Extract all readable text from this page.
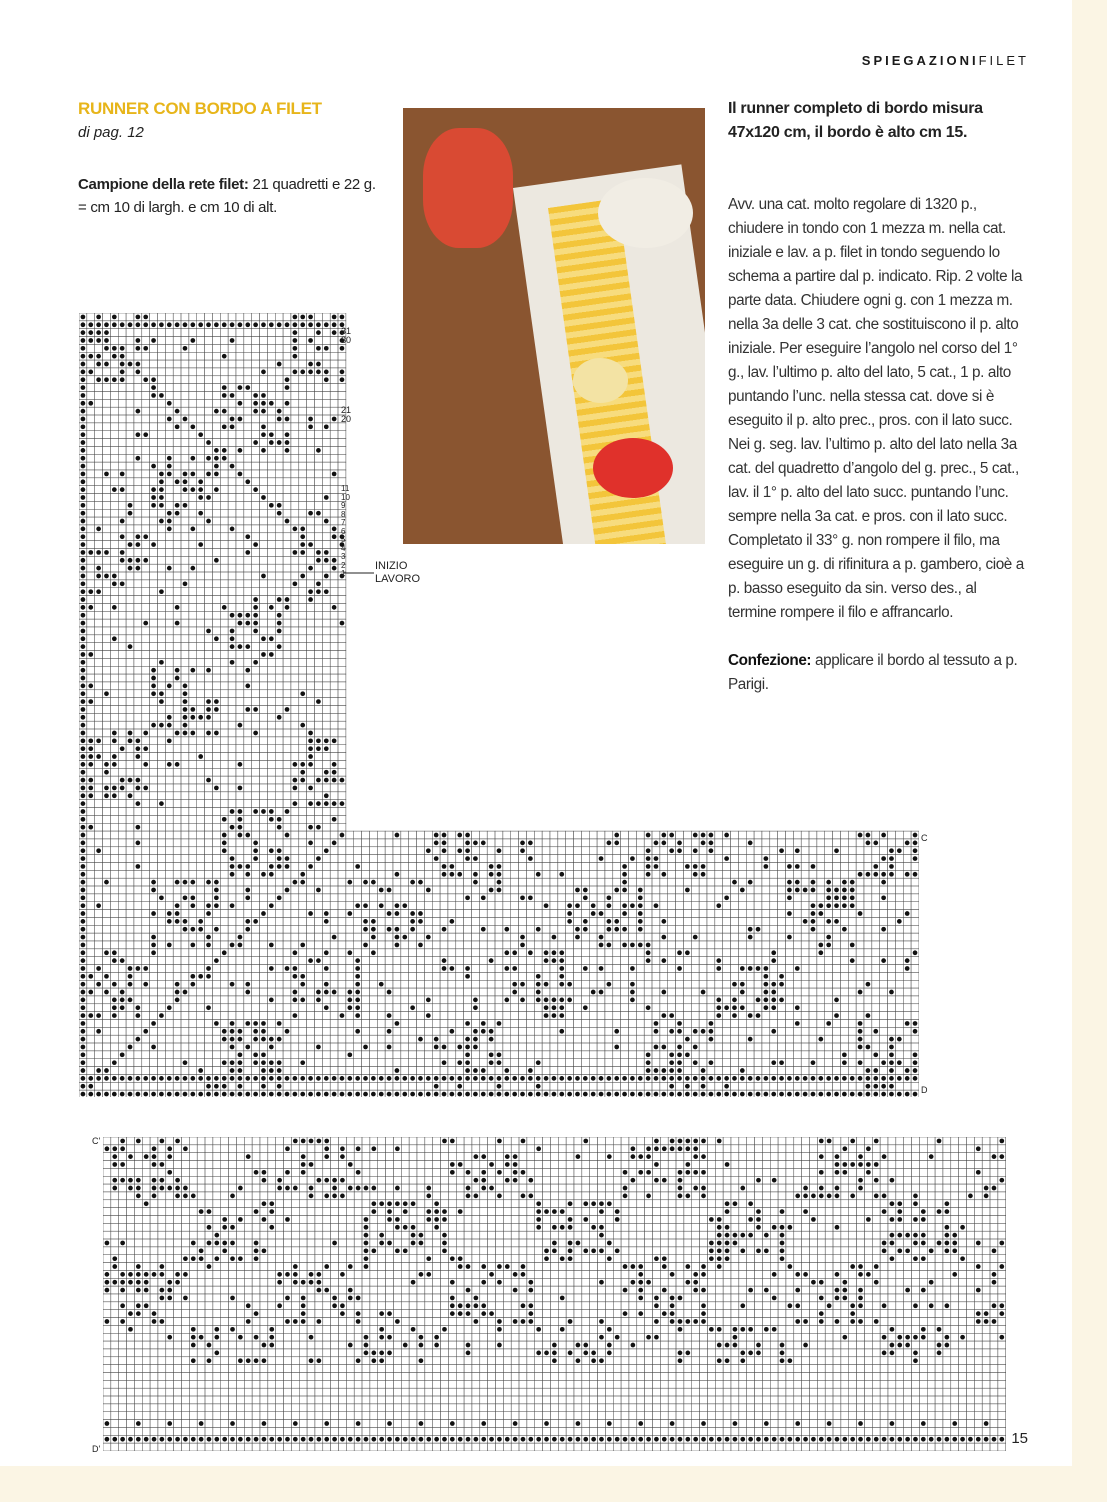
SPIEGAZIONIFILET
RUNNER CON BORDO A FILET
di pag. 12
Campione della rete filet: 21 quadretti e 22 g. = cm 10 di largh. e cm 10 di alt.
Il runner completo di bordo misura 47x120 cm, il bordo è alto cm 15.

Avv. una cat. molto regolare di 1320 p., chiudere in tondo con 1 mezza m. nella cat. iniziale e lav. a p. filet in tondo seguendo lo schema a partire dal p. indicato. Rip. 2 volte la parte data. Chiudere ogni g. con 1 mezza m. nella 3a delle 3 cat. che sostituiscono il p. alto iniziale. Per eseguire l’angolo nel corso del 1° g., lav. l’ultimo p. alto del lato, 5 cat., 1 p. alto puntando l’unc. nella stessa cat. dove si è eseguito il p. alto prec., pros. con il lato succ. Nei g. seg. lav. l’ultimo p. alto del lato nella 3a cat. del quadretto d’angolo del g. prec., 5 cat., lav. il 1° p. alto del lato succ. puntando l’unc. sempre nella 3a cat. e pros. con il lato succ. Completato il 33° g. non rompere il filo, ma eseguire un g. di rifinitura a p. gambero, cioè a p. basso eseguito da sin. verso des., al termine rompere il filo e affrancarlo.

Confezione: applicare il bordo al tessuto a p. Parigi.

31
30
21
20
11
10
9
8
7
6
5
4
3
2
1
INIZIO
LAVORO
C
D
C'
D'
15
